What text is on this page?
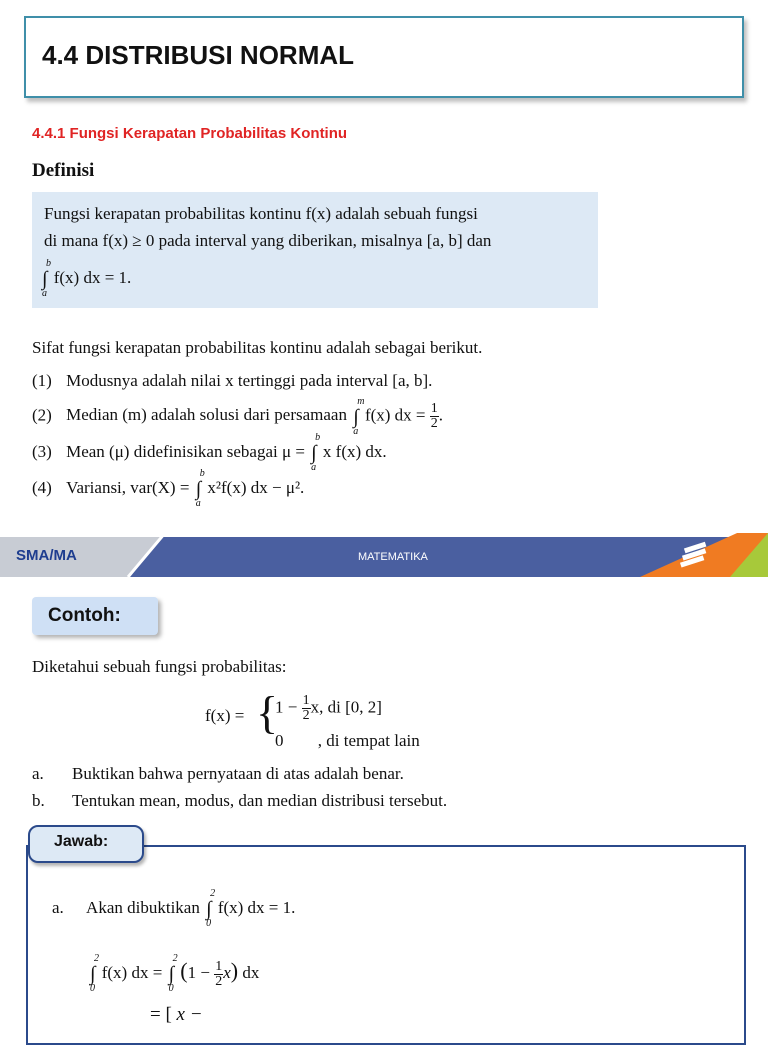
4.4 DISTRIBUSI NORMAL
4.4.1 Fungsi Kerapatan Probabilitas Kontinu
Definisi
Fungsi kerapatan probabilitas kontinu f(x) adalah sebuah fungsi
di mana f(x) ≥ 0 pada interval yang diberikan, misalnya [a, b] dan
∫
b
a
f(x) dx = 1.
Sifat fungsi kerapatan probabilitas kontinu adalah sebagai berikut.
(1) Modusnya adalah nilai x tertinggi pada interval [a, b].
(2) Median (m) adalah solusi dari persamaan ∫
m
a
f(x) dx = $\frac{1}{2}$ .
(3) Mean (μ) didefinisikan sebagai μ = ∫
b
a
x f(x) dx.
(4) Variansi, var(X) = ∫
b
a
x²f(x) dx − μ².
SMA/MA	MATEMATIKA
Contoh:
Diketahui sebuah fungsi probabilitas:
f(x) = {
$1 - \frac{1}{2} x$, di [0, 2]
0 , di tempat lain
a. Buktikan bahwa pernyataan di atas adalah benar.
b. Tentukan mean, modus, dan median distribusi tersebut.
Jawab:
a. Akan dibuktikan ∫
2
0
f(x) dx = 1.
∫
2
0
f(x) dx = ∫
2
0
$(1 - \frac{1}{2} x)$ dx
= [ x −
